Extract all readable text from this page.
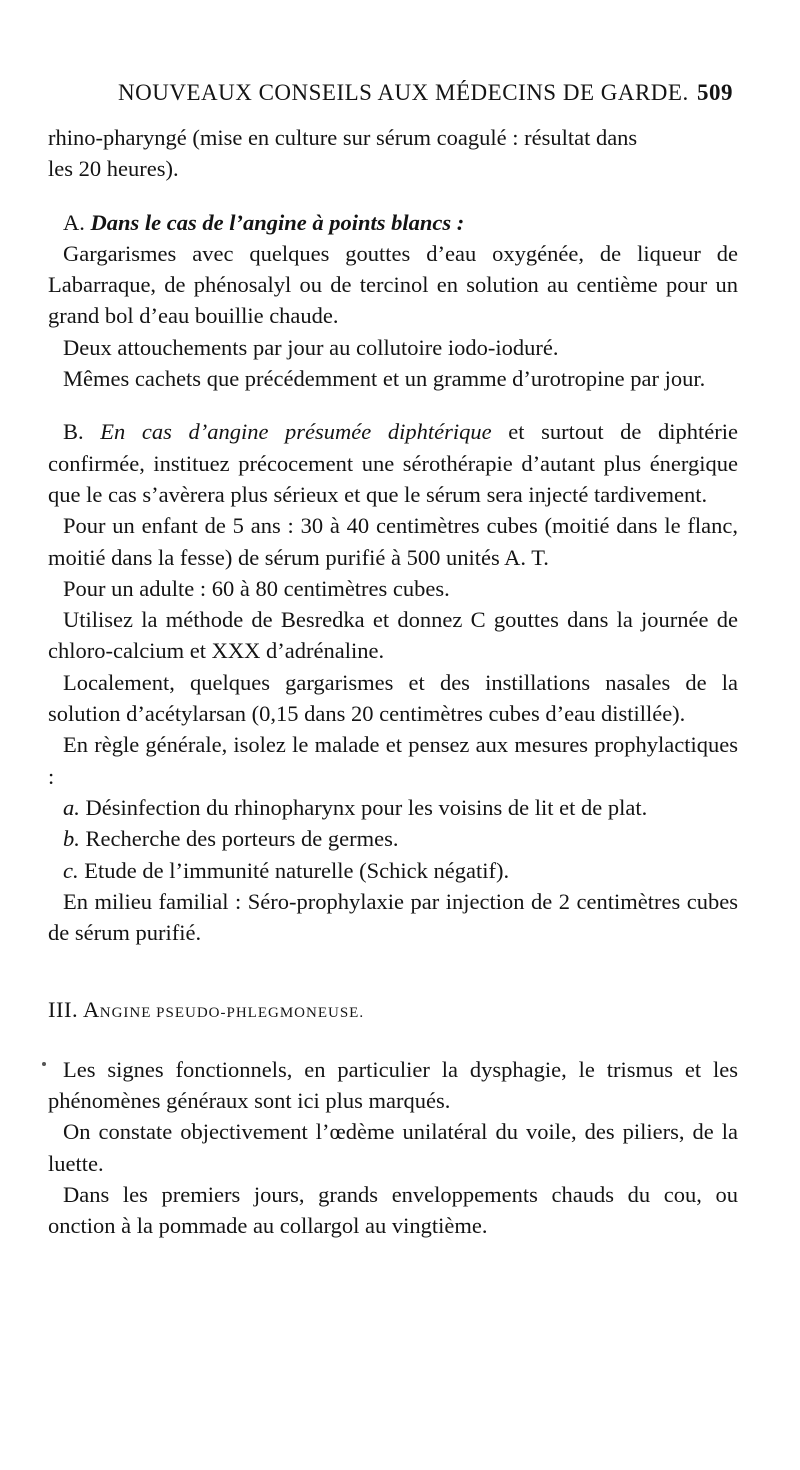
NOUVEAUX CONSEILS AUX MÉDECINS DE GARDE. 509

rhino-pharyngé (mise en culture sur sérum coagulé : résultat dans
les 20 heures).

A. Dans le cas de l’angine à points blancs :

Gargarismes avec quelques gouttes d’eau oxygénée, de liqueur de Labarraque, de phénosalyl ou de tercinol en solution au centième pour un grand bol d’eau bouillie chaude.

Deux attouchements par jour au collutoire iodo-ioduré.

Mêmes cachets que précédemment et un gramme d’urotropine par jour.

B. En cas d’angine présumée diphtérique et surtout de diphtérie confirmée, instituez précocement une sérothérapie d’autant plus énergique que le cas s’avèrera plus sérieux et que le sérum sera injecté tardivement.

Pour un enfant de 5 ans : 30 à 40 centimètres cubes (moitié dans le flanc, moitié dans la fesse) de sérum purifié à 500 unités A. T.

Pour un adulte : 60 à 80 centimètres cubes.

Utilisez la méthode de Besredka et donnez C gouttes dans la journée de chloro-calcium et XXX d’adrénaline.

Localement, quelques gargarismes et des instillations nasales de la solution d’acétylarsan (0,15 dans 20 centimètres cubes d’eau distillée).

En règle générale, isolez le malade et pensez aux mesures prophylactiques :

a. Désinfection du rhinopharynx pour les voisins de lit et de plat.

b. Recherche des porteurs de germes.

c. Etude de l’immunité naturelle (Schick négatif).

En milieu familial : Séro-prophylaxie par injection de 2 centimètres cubes de sérum purifié.

III. ANGINE PSEUDO-PHLEGMONEUSE.

Les signes fonctionnels, en particulier la dysphagie, le trismus et les phénomènes généraux sont ici plus marqués.

On constate objectivement l’œdème unilatéral du voile, des piliers, de la luette.

Dans les premiers jours, grands enveloppements chauds du cou, ou onction à la pommade au collargol au vingtième.
